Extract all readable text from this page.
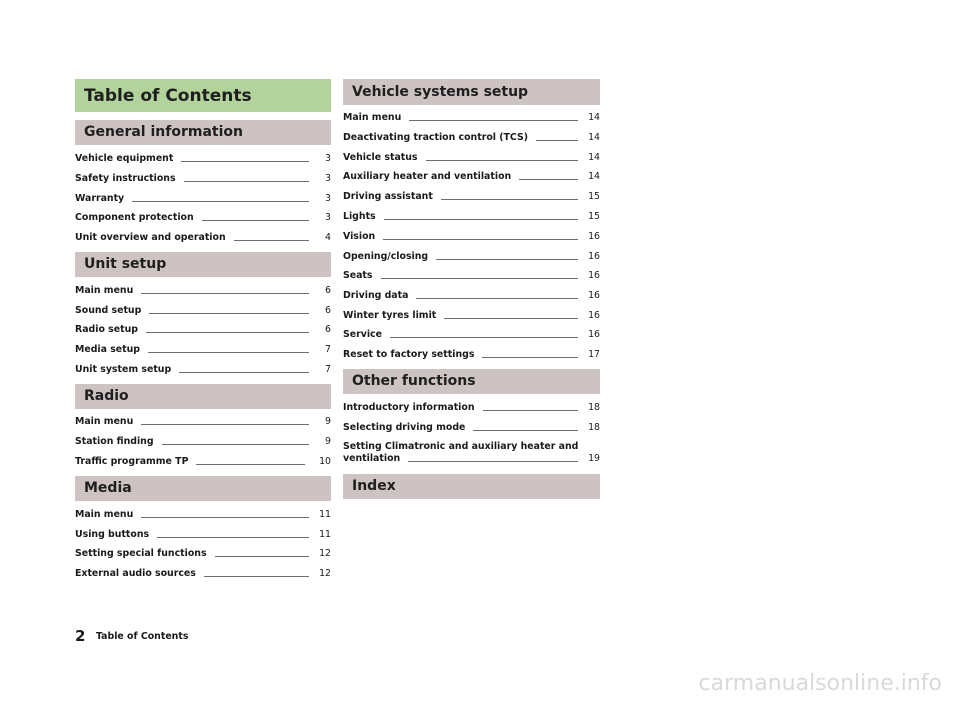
Table of Contents
General information
Vehicle equipment	3
Safety instructions	3
Warranty	3
Component protection	3
Unit overview and operation	4
Unit setup
Main menu	6
Sound setup	6
Radio setup	6
Media setup	7
Unit system setup	7
Radio
Main menu	9
Station finding	9
Traffic programme TP	10
Media
Main menu	11
Using buttons	11
Setting special functions	12
External audio sources	12
Vehicle systems setup
Main menu	14
Deactivating traction control (TCS)	14
Vehicle status	14
Auxiliary heater and ventilation	14
Driving assistant	15
Lights	15
Vision	16
Opening/closing	16
Seats	16
Driving data	16
Winter tyres limit	16
Service	16
Reset to factory settings	17
Other functions
Introductory information	18
Selecting driving mode	18
Setting Climatronic and auxiliary heater and
ventilation	19
Index
2 Table of Contents
carmanualsonline.info
